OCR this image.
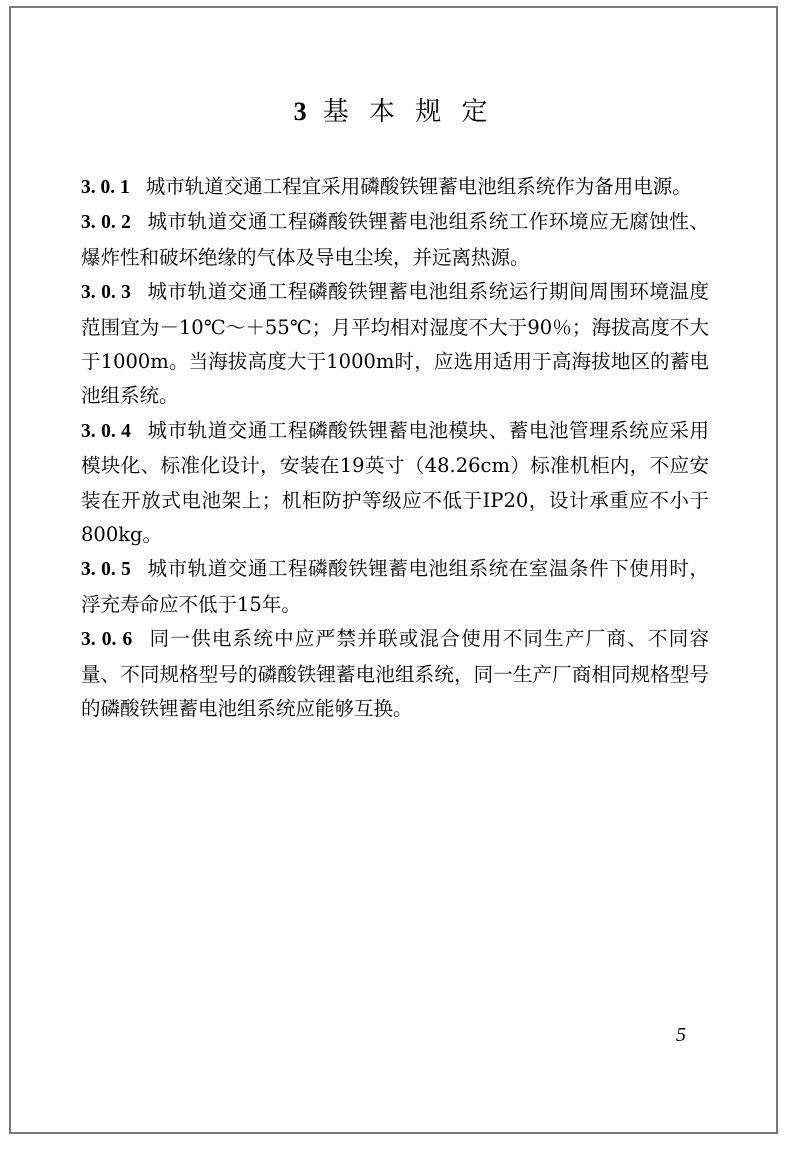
3 基 本 规 定

3. 0. 1 城市轨道交通工程宜采用磷酸铁锂蓄电池组系统作为备用电源。

3. 0. 2 城市轨道交通工程磷酸铁锂蓄电池组系统工作环境应无腐蚀性、爆炸性和破坏绝缘的气体及导电尘埃，并远离热源。

3. 0. 3 城市轨道交通工程磷酸铁锂蓄电池组系统运行期间周围环境温度范围宜为－10℃～＋55℃；月平均相对湿度不大于90％；海拔高度不大于1000m。当海拔高度大于1000m时，应选用适用于高海拔地区的蓄电池组系统。

3. 0. 4 城市轨道交通工程磷酸铁锂蓄电池模块、蓄电池管理系统应采用模块化、标准化设计，安装在19英寸（48.26cm）标准机柜内，不应安装在开放式电池架上；机柜防护等级应不低于IP20，设计承重应不小于800kg。

3. 0. 5 城市轨道交通工程磷酸铁锂蓄电池组系统在室温条件下使用时，浮充寿命应不低于15年。

3. 0. 6 同一供电系统中应严禁并联或混合使用不同生产厂商、不同容量、不同规格型号的磷酸铁锂蓄电池组系统，同一生产厂商相同规格型号的磷酸铁锂蓄电池组系统应能够互换。

5
